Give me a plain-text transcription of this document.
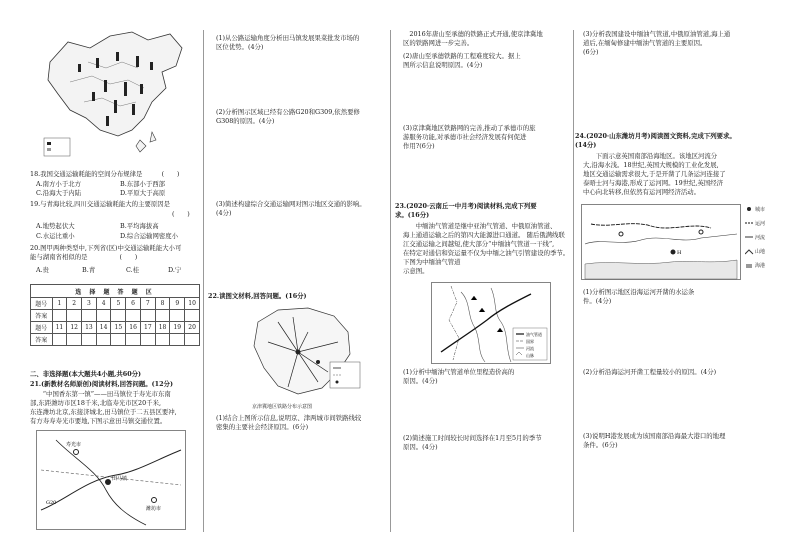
18.我国交通运输耗能的空间分布规律是　　　(　　)
A.南方小于北方	B.东部小于西部
C.沿海大于内陆	D.平原大于高原
19.与青海比较,四川交通运输耗能大的主要原因是
(　　)
A.地势起伏大	B.平均海拔高
C.水运比重小	D.综合运输网密度小
20.图甲两种类型中,下列省(区)中交通运输耗能大小可
能与湖南省相似的是　　　　　(　　)
A.贵	B.青	C.桂	D.宁
选 择 题 答 题 区										
题号	1	2	3	4	5	6	7	8	9	10
答案										
题号	11	12	13	14	15	16	17	18	19	20
答案										
二、非选择题(本大题共4小题,共60分)
21.(新教材名师原创)阅读材料,回答问题。(12分)
　　“中国香东第一镇”——田马镇位于寿光市东南
部,东距潍坊市区18千米,北临寿光市区20千米,
东连潍坊北京,东接济城北,田马镇位于二五县区要冲,
有方寿寿寿光市要地,下图示意田马镇交通位置。
寿光市
田马镇
G20
潍坊市
(1)从公路运输角度分析田马镇发展果菜批发市场的
区位优势。(4分)
(2)分析图示区域已经有公路G20和G309,依然要修
G308的原因。(4分)
(3)简述构建综合交通运输网对图示地区交通的影响。
(4分)
22.读图文材料,回答问题。(16分)
京津冀地区铁路分布示意图
(1)结合上图所示信息,说明京、津两城市间铁路线较
密集的主要社会经济原因。(6分)
　2016年唐山至承德的铁路正式开通,使京津冀地
区的铁路网进一步完善。
(2)唐山至承德铁路的工程难度较大。据上
图所示信息说明原因。(4分)
(3)京津冀地区铁路网的完善,推动了承德市的旅
游服务功能,对承德市社会经济发展有何促进
作用?(6分)
23.(2020·云南丘一中月考)阅读材料,完成下列要
求。(16分)
　　中缅油气管道是继中亚油气管道、中俄原油管道、
海上通道运输之后的第四大能源进口通道。 随后俄满线联
江交通运输之间越短,使大部分“中缅油气管道一干线”,
在特定对通信和资运量不仅为中缅之油气引管建设的季节。 下图为中缅油气管道
示意图。
油气管道
国界
河流
山脉
(1)分析中缅油气管道单位里程造价高的
原因。(4分)
(2)简述施工时间较长时间选择在1月至5月的季节
原因。(4分)
(3)分析我国建设中缅油气管道,中俄原油管道,海上通
道后,在缅甸修建中缅油气管道的主要原因。
(6分)
24.(2020·山东潍坊月考)阅读图文资料,完成下列要求。
(14分)
　　下面示意英国南部沿海地区。该地区河流分
大,沿海水浅。18世纪,英国大规模的工业化发展,
地区交通运输需求很大,于是开凿了几条运河连接了
泰晤士河与海港,形成了运河网。19世纪,英国经济
中心向北转移,但依然有运河网经济活动。
H
城市
运河
河流
山地
海港
(1)分析图示地区沿海运河开凿的水运条
件。(4分)
(2)分析沿海运河开凿工程量较小的原因。(4分)
(3)说明H港发展成为该国南部沿海最大港口的地理
条件。(6分)
